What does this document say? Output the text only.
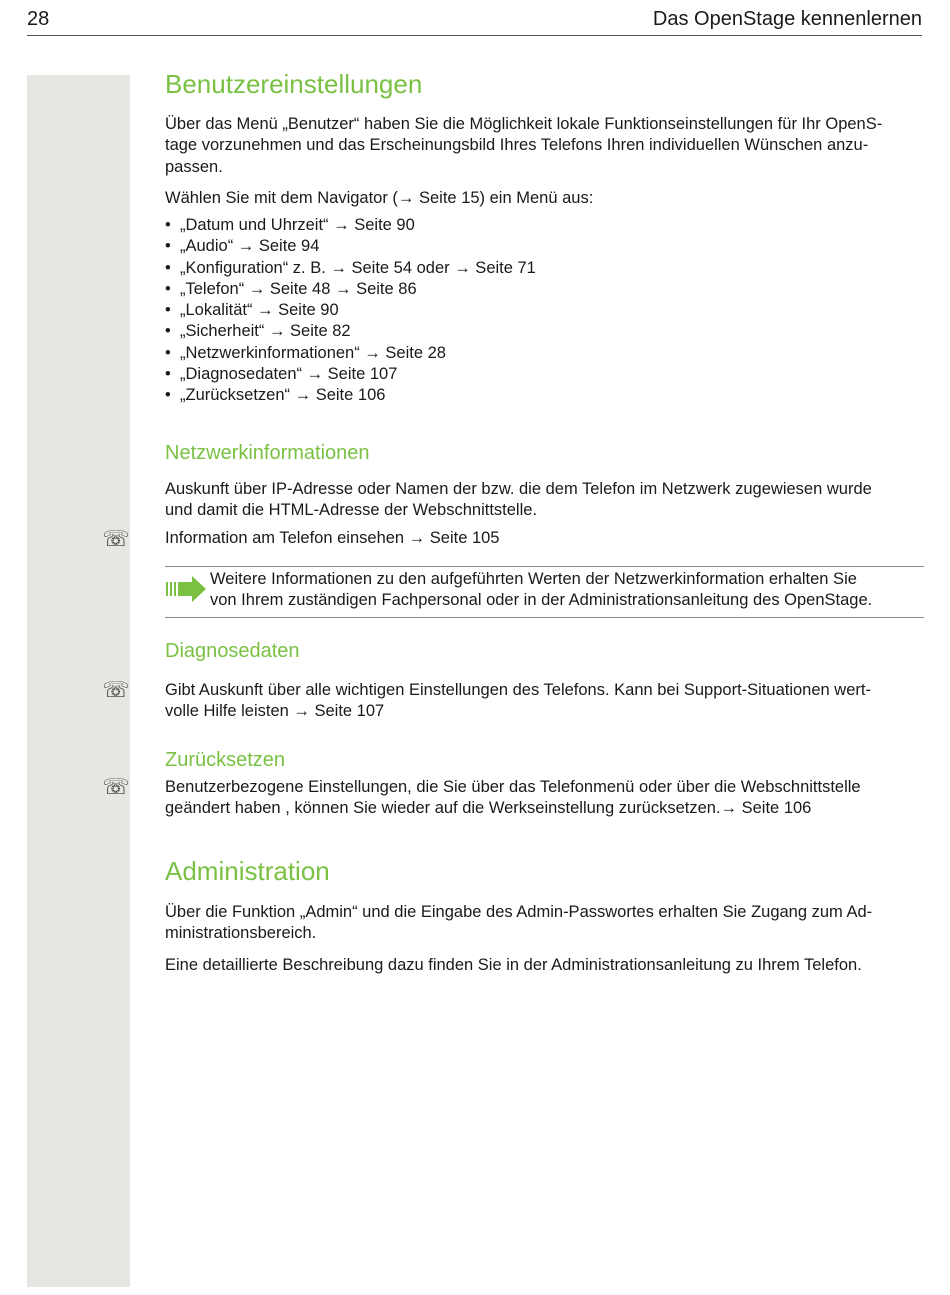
28	Das OpenStage kennenlernen
Benutzereinstellungen

Über das Menü „Benutzer“ haben Sie die Möglichkeit lokale Funktionseinstellungen für Ihr OpenS-

tage vorzunehmen und das Erscheinungsbild Ihres Telefons Ihren individuellen Wünschen anzu-

passen.

Wählen Sie mit dem Navigator (→ Seite 15) ein Menü aus:

• „Datum und Uhrzeit“ → Seite 90
• „Audio“ → Seite 94
• „Konfiguration“ z. B. → Seite 54 oder → Seite 71
• „Telefon“ → Seite 48 → Seite 86
• „Lokalität“ → Seite 90
• „Sicherheit“ → Seite 82
• „Netzwerkinformationen“ → Seite 28
• „Diagnosedaten“ → Seite 107
• „Zurücksetzen“ → Seite 106
Netzwerkinformationen

Auskunft über IP-Adresse oder Namen der bzw. die dem Telefon im Netzwerk zugewiesen wurde

und damit die HTML-Adresse der Webschnittstelle.

☏ Information am Telefon einsehen → Seite 105

Weitere Informationen zu den aufgeführten Werten der Netzwerkinformation erhalten Sie

von Ihrem zuständigen Fachpersonal oder in der Administrationsanleitung des OpenStage.

Diagnosedaten
☏ Gibt Auskunft über alle wichtigen Einstellungen des Telefons. Kann bei Support-Situationen wert-

volle Hilfe leisten → Seite 107

Zurücksetzen
☏ Benutzerbezogene Einstellungen, die Sie über das Telefonmenü oder über die Webschnittstelle

geändert haben , können Sie wieder auf die Werkseinstellung zurücksetzen.→ Seite 106

Administration

Über die Funktion „Admin“ und die Eingabe des Admin-Passwortes erhalten Sie Zugang zum Ad-

ministrationsbereich.

Eine detaillierte Beschreibung dazu finden Sie in der Administrationsanleitung zu Ihrem Telefon.
